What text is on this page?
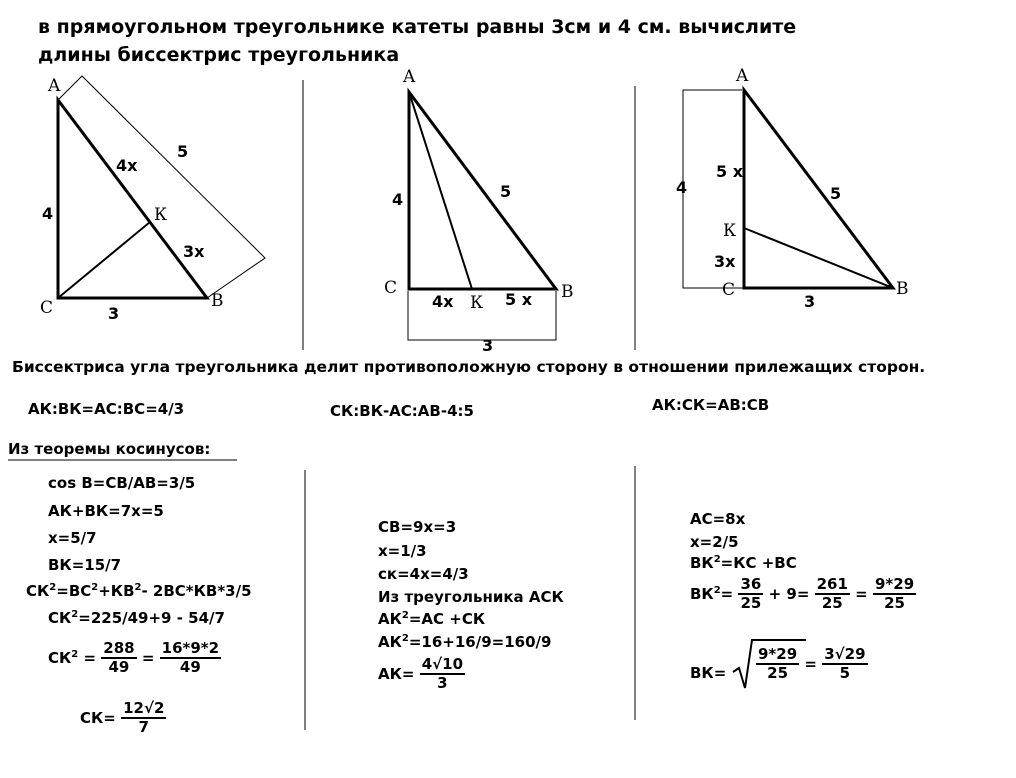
в прямоугольном треугольнике катеты равны 3см и 4 см. вычислите
длины биссектрис треугольника
A
C	B
К
4
3
4x
3x
5
A
C	B
К
4
4x	5 x
3
5
A
C	B
К
4
5 x
3x
3
5
Биссектриса угла треугольника делит противоположную сторону в отношении прилежащих сторон.
АК:ВК=АС:ВС=4/3	СК:ВК-АС:АВ-4:5	АК:СК=АВ:СВ
Из теоремы косинусов:
cos B=CB/AB=3/5
АК+ВК=7х=5
х=5/7
ВК=15/7
$СК^2=ВС^2+КВ^2-$ 2ВС*КВ*3/5
$СК^2=225/49+9 - 54/7$
$СК^2 = \frac{288}{49} = \frac{16*9*2}{49}$
$СК= \frac{12√2}{7}$
СВ=9х=3
х=1/3
ск=4х=4/3
Из треугольника АСК
$АК^2=АС +СК$
$АК^2=16+16/9=160/9$
$АК= \frac{4√10}{3}$
АС=8х
х=2/5
$ВК^2=КС +ВС$
$ВК^2= \frac{36}{25} + 9= \frac{261}{25} = \frac{9*29}{25}$
$ВК= \frac{9*29}{25} = \frac{3√29}{5}$
